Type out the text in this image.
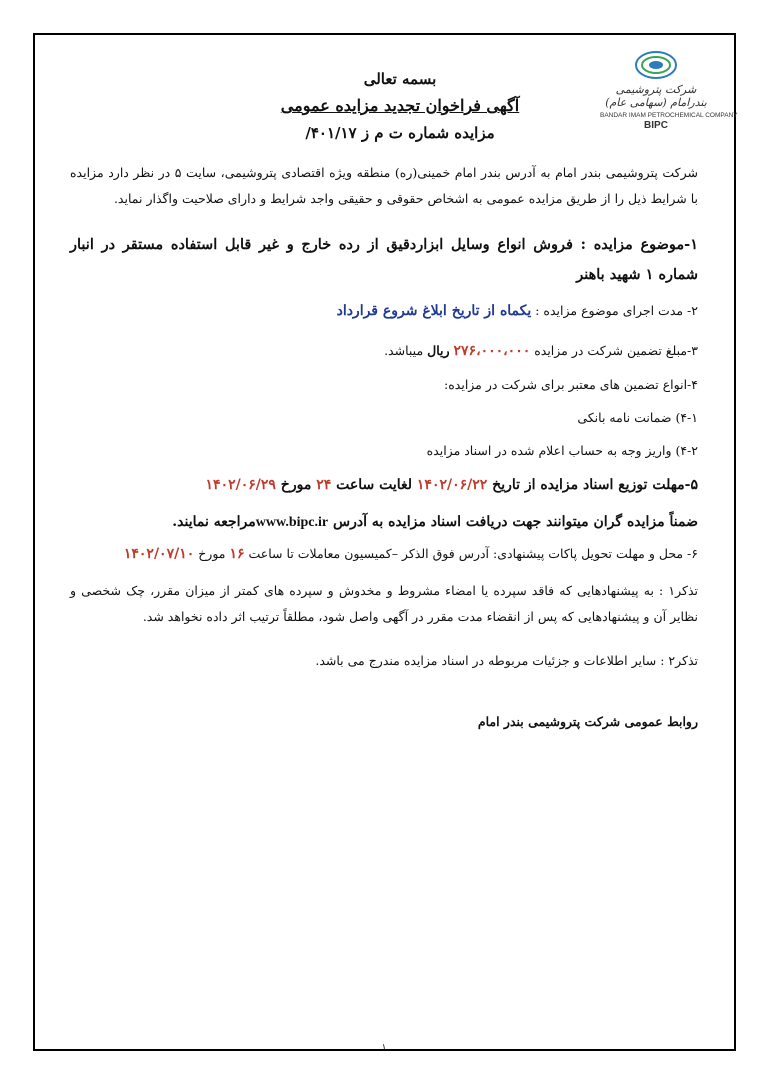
شرکت پتروشیمی بندرامام (سهامی عام)
BANDAR IMAM PETROCHEMICAL COMPANY
BIPC
بسمه تعالی
آگهی فراخوان تجدید مزایده عمومی
مزایده شماره ت م ز ۴۰۱/۱۷/
شرکت پتروشیمی بندر امام به آدرس بندر امام خمینی(ره) منطقه ویژه اقتصادی پتروشیمی، سایت ۵ در نظر دارد مزایده با شرایط ذیل را از طریق مزایده عمومی به اشخاص حقوقی و حقیقی واجد شرایط و دارای صلاحیت واگذار نماید.
۱-موضوع مزایده : فروش انواع وسایل ابزاردقیق از رده خارج و غیر قابل استفاده مستقر در انبار شماره ۱ شهید باهنر
۲- مدت اجرای موضوع مزایده : یکماه از تاریخ ابلاغ شروع قرارداد
۳-مبلغ تضمین شرکت در مزایده ۲۷۶،۰۰۰،۰۰۰ ریال میباشد.
۴-انواع تضمین های معتبر برای شرکت در مزایده:
۴-۱) ضمانت نامه بانکی
۴-۲) واریز وجه به حساب اعلام شده در اسناد مزایده
۵-مهلت توزیع اسناد مزایده از تاریخ ۱۴۰۲/۰۶/۲۲ لغایت ساعت ۲۴ مورخ ۱۴۰۲/۰۶/۲۹
ضمناً مزایده گران میتوانند جهت دریافت اسناد مزایده به آدرس www.bipc.irمراجعه نمایند.
۶- محل و مهلت تحویل پاکات پیشنهادی: آدرس فوق الذکر –کمیسیون معاملات تا ساعت ۱۶ مورخ ۱۴۰۲/۰۷/۱۰
تذکر۱ : به پیشنهادهایی که فاقد سپرده یا امضاء مشروط و مخدوش و سپرده های کمتر از میزان مقرر، چک شخصی و نظایر آن و پیشنهادهایی که پس از انقضاء مدت مقرر در آگهی واصل شود، مطلقاً ترتیب اثر داده نخواهد شد.
تذکر۲ : سایر اطلاعات و جزئیات مربوطه در اسناد مزایده مندرج می باشد.
روابط عمومی شرکت پتروشیمی بندر امام
۱
